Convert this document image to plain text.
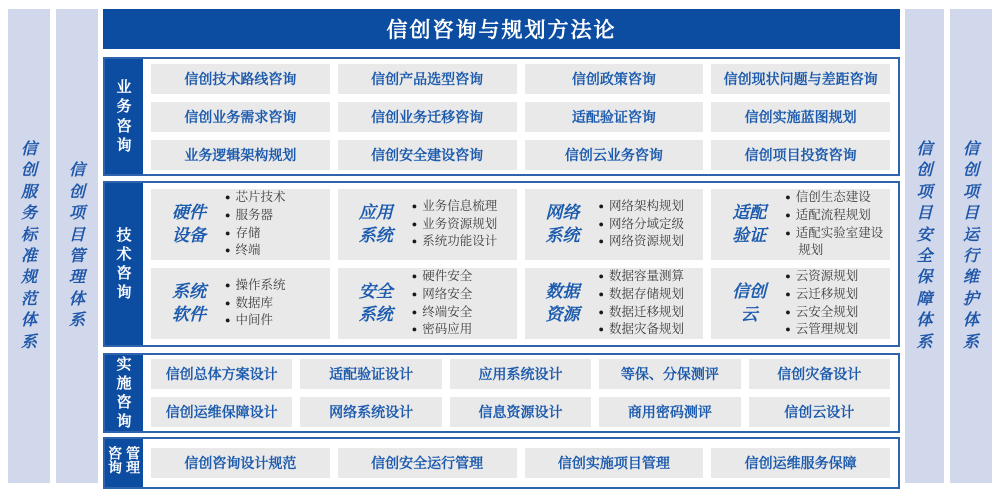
信创服务标准规范体系
信创项目管理体系
信创项目安全保障体系
信创项目运行维护体系
信创咨询与规划方法论
业务咨询
信创技术路线咨询	信创产品选型咨询	信创政策咨询	信创现状问题与差距咨询
信创业务需求咨询	信创业务迁移咨询	适配验证咨询	信创实施蓝图规划
业务逻辑架构规划	信创安全建设咨询	信创云业务咨询	信创项目投资咨询
技术咨询
硬件设备
● 芯片技术
● 服务器
● 存储
● 终端
应用系统
● 业务信息梳理
● 业务资源规划
● 系统功能设计
网络系统
● 网络架构规划
● 网络分域定级
● 网络资源规划
适配验证
● 信创生态建设
● 适配流程规划
● 适配实验室建设规划
系统软件
● 操作系统
● 数据库
● 中间件
安全系统
● 硬件安全
● 网络安全
● 终端安全
● 密码应用
数据资源
● 数据容量测算
● 数据存储规划
● 数据迁移规划
● 数据灾备规划
信创云
● 云资源规划
● 云迁移规划
● 云安全规划
● 云管理规划
实施咨询
信创总体方案设计	适配验证设计	应用系统设计	等保、分保测评	信创灾备设计
信创运维保障设计	网络系统设计	信息资源设计	商用密码测评	信创云设计
咨询管理	信创咨询设计规范	信创安全运行管理	信创实施项目管理	信创运维服务保障
